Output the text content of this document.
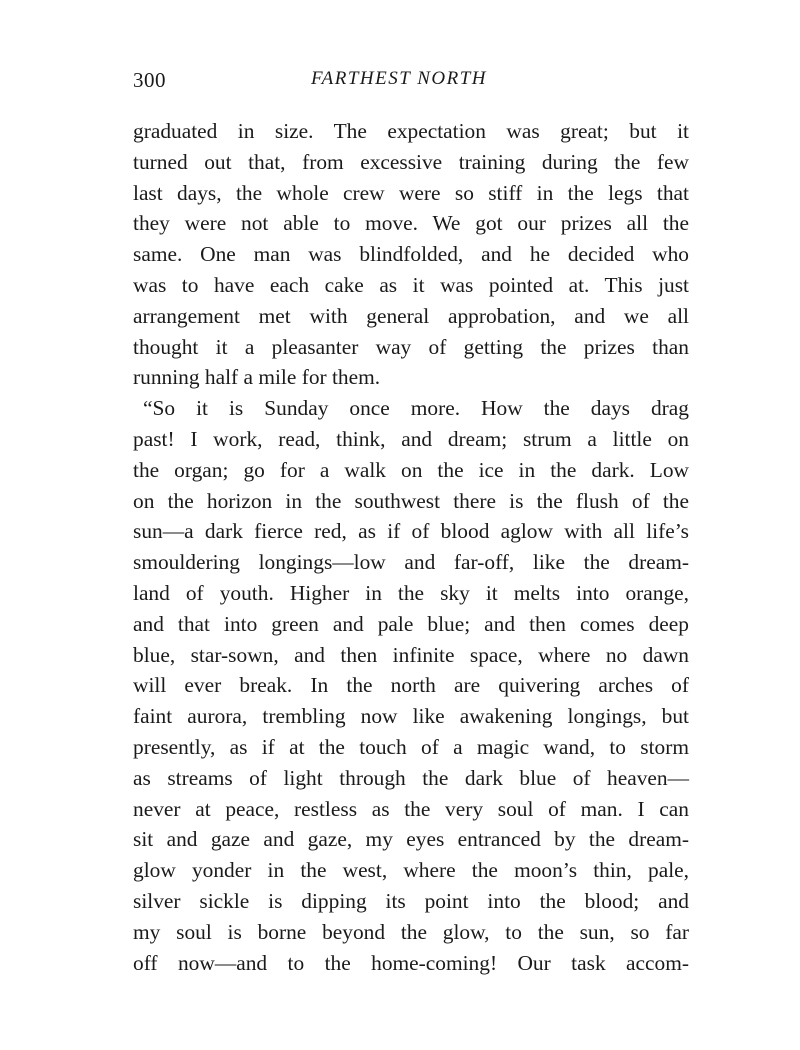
300	FARTHEST NORTH
graduated in size. The expectation was great; but it
turned out that, from excessive training during the few
last days, the whole crew were so stiff in the legs that
they were not able to move. We got our prizes all the
same. One man was blindfolded, and he decided who
was to have each cake as it was pointed at. This just
arrangement met with general approbation, and we all
thought it a pleasanter way of getting the prizes than
running half a mile for them.
“So it is Sunday once more. How the days drag
past! I work, read, think, and dream; strum a little on
the organ; go for a walk on the ice in the dark. Low
on the horizon in the southwest there is the flush of the
sun—a dark fierce red, as if of blood aglow with all life’s
smouldering longings—low and far-off, like the dream-
land of youth. Higher in the sky it melts into orange,
and that into green and pale blue; and then comes deep
blue, star-sown, and then infinite space, where no dawn
will ever break. In the north are quivering arches of
faint aurora, trembling now like awakening longings, but
presently, as if at the touch of a magic wand, to storm
as streams of light through the dark blue of heaven—
never at peace, restless as the very soul of man. I can
sit and gaze and gaze, my eyes entranced by the dream-
glow yonder in the west, where the moon’s thin, pale,
silver sickle is dipping its point into the blood; and
my soul is borne beyond the glow, to the sun, so far
off now—and to the home-coming! Our task accom-
